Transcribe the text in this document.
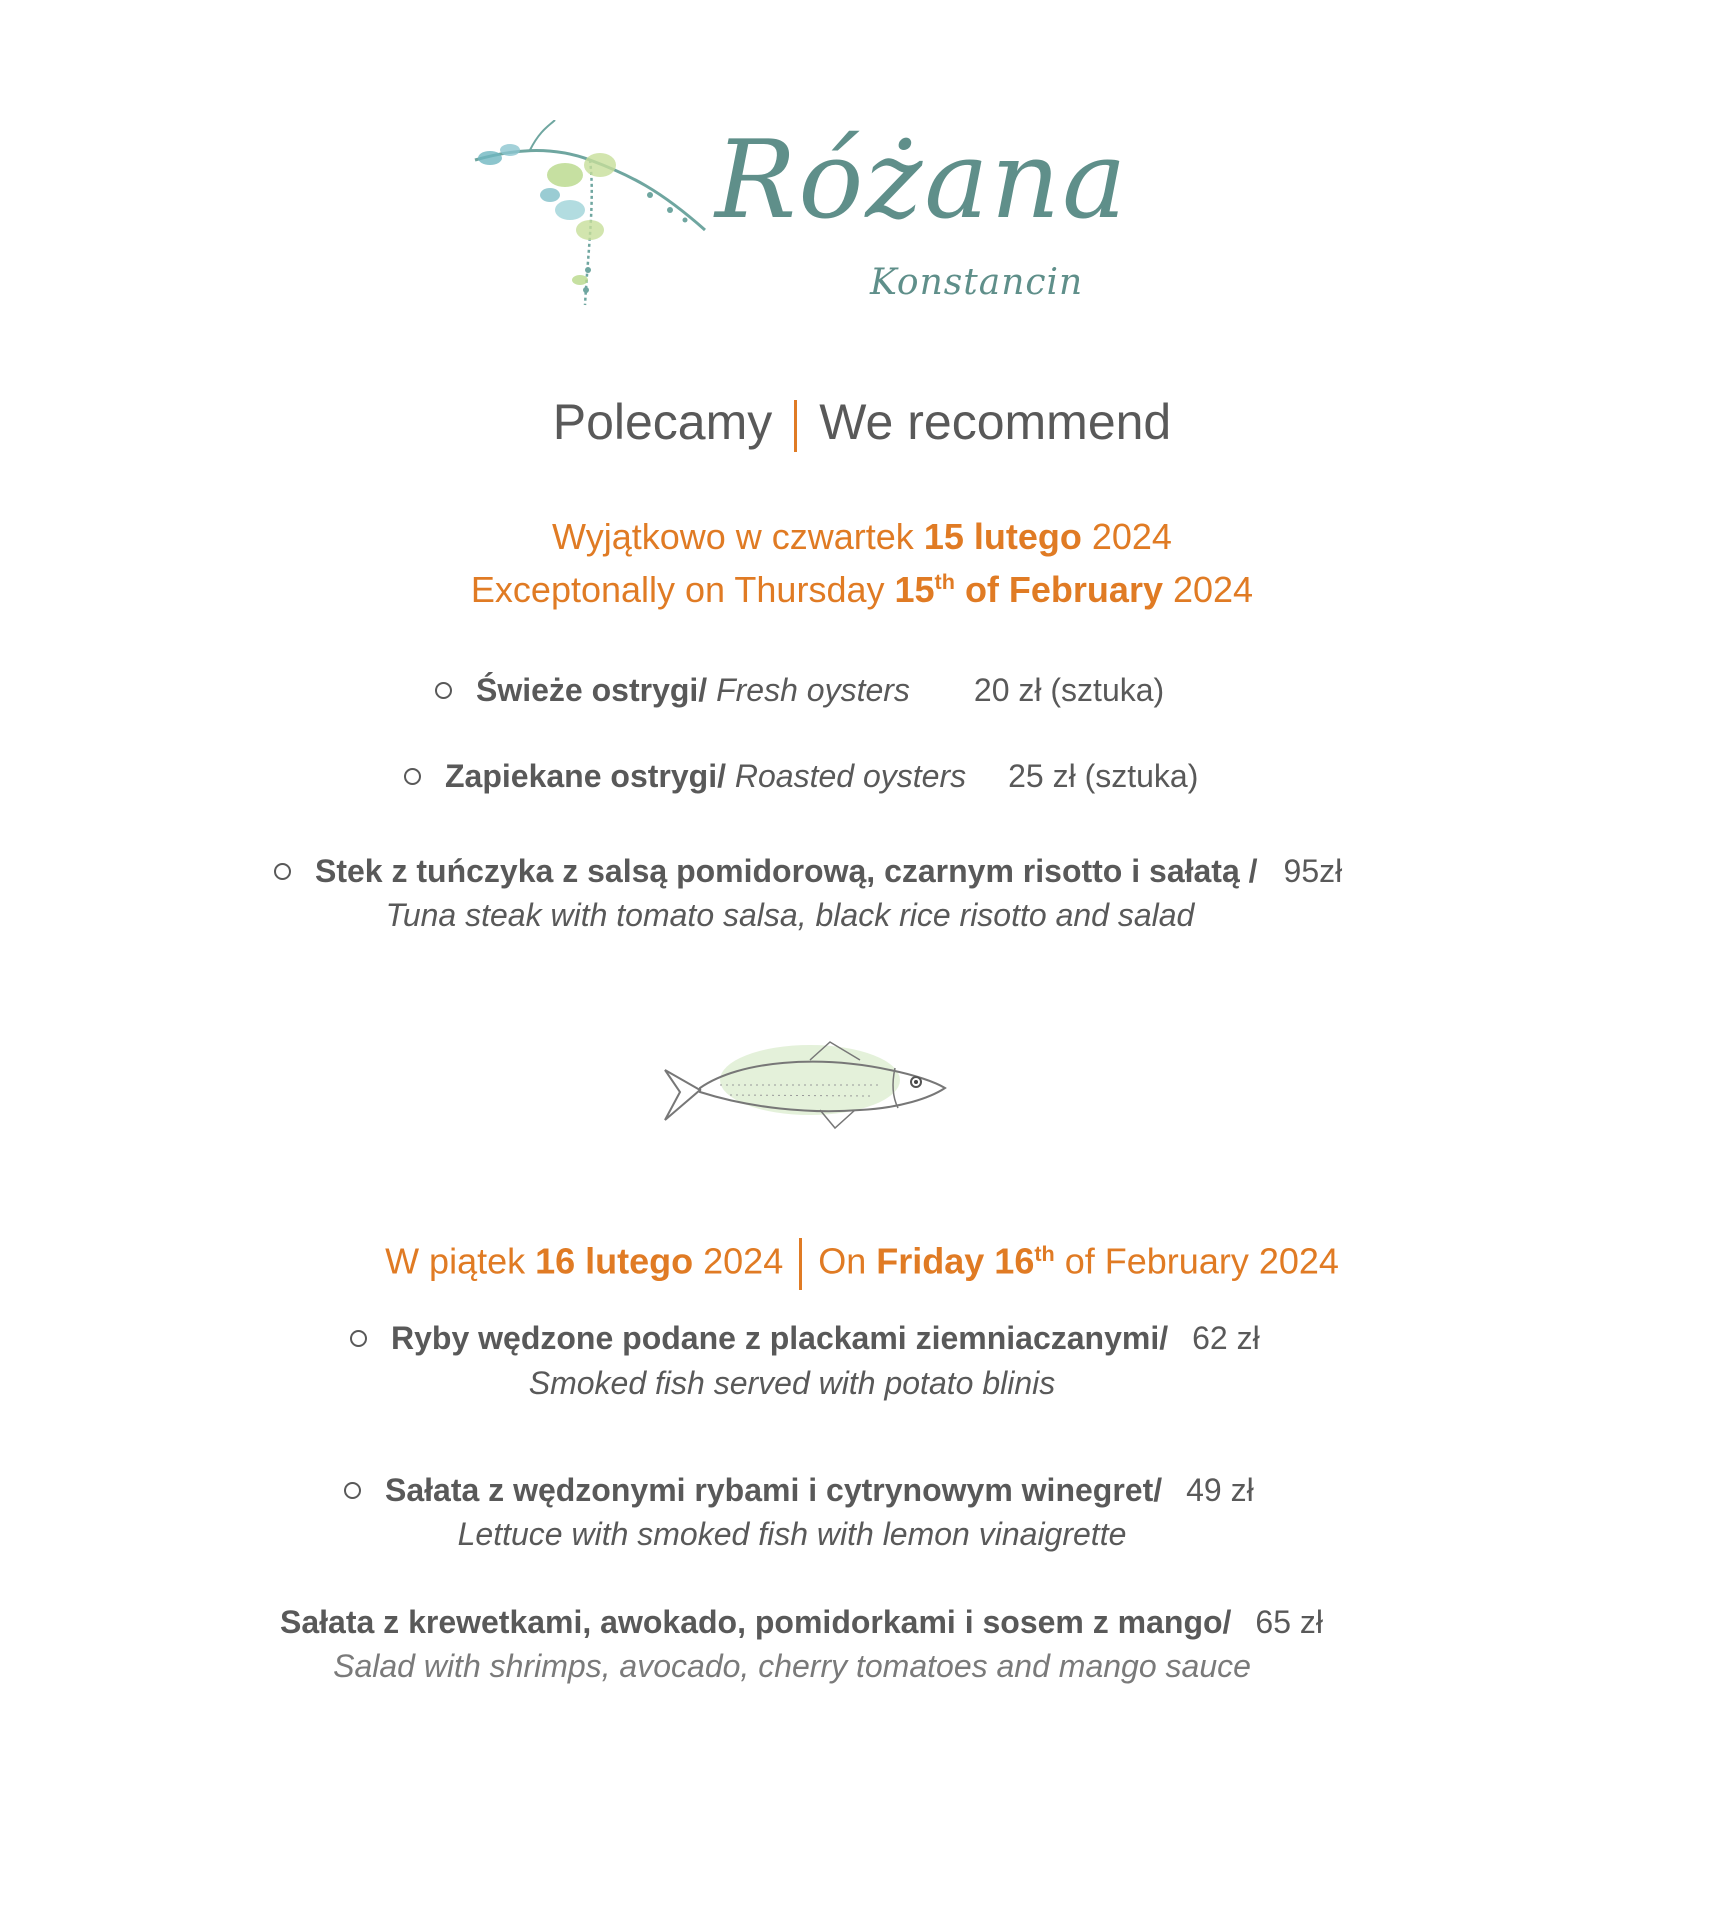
Różana
Konstancin
Polecamy We recommend
Wyjątkowo w czwartek 15 lutego 2024
Exceptonally on Thursday 15th of February 2024
Świeże ostrygi/ Fresh oysters 20 zł (sztuka)
Zapiekane ostrygi/ Roasted oysters 25 zł (sztuka)
Stek z tuńczyka z salsą pomidorową, czarnym risotto i sałatą / 95zł
Tuna steak with tomato salsa, black rice risotto and salad
W piątek 16 lutego 2024 On Friday 16th of February 2024
Ryby wędzone podane z plackami ziemniaczanymi/ 62 zł
Smoked fish served with potato blinis
Sałata z wędzonymi rybami i cytrynowym winegret/ 49 zł
Lettuce with smoked fish with lemon vinaigrette
Sałata z krewetkami, awokado, pomidorkami i sosem z mango/ 65 zł
Salad with shrimps, avocado, cherry tomatoes and mango sauce
